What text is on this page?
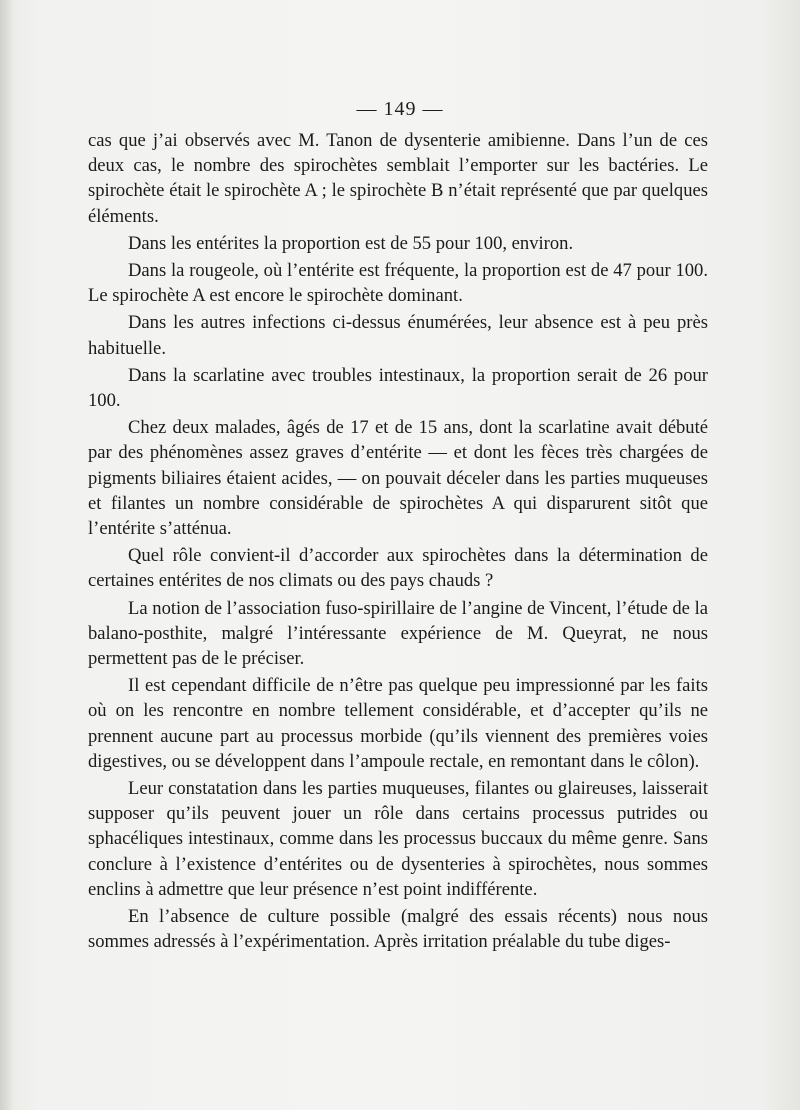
— 149 —

cas que j’ai observés avec M. Tanon de dysenterie amibienne. Dans l’un de ces deux cas, le nombre des spirochètes semblait l’emporter sur les bactéries. Le spirochète était le spirochète A ; le spirochète B n’était représenté que par quelques éléments.

Dans les entérites la proportion est de 55 pour 100, environ.

Dans la rougeole, où l’entérite est fréquente, la proportion est de 47 pour 100. Le spirochète A est encore le spirochète dominant.

Dans les autres infections ci-dessus énumérées, leur absence est à peu près habituelle.

Dans la scarlatine avec troubles intestinaux, la proportion serait de 26 pour 100.

Chez deux malades, âgés de 17 et de 15 ans, dont la scarlatine avait débuté par des phénomènes assez graves d’entérite — et dont les fèces très chargées de pigments biliaires étaient acides, — on pouvait déceler dans les parties muqueuses et filantes un nombre considérable de spirochètes A qui disparurent sitôt que l’entérite s’atténua.

Quel rôle convient-il d’accorder aux spirochètes dans la détermination de certaines entérites de nos climats ou des pays chauds ?

La notion de l’association fuso-spirillaire de l’angine de Vincent, l’étude de la balano-posthite, malgré l’intéressante expérience de M. Queyrat, ne nous permettent pas de le préciser.

Il est cependant difficile de n’être pas quelque peu impressionné par les faits où on les rencontre en nombre tellement considérable, et d’accepter qu’ils ne prennent aucune part au processus morbide (qu’ils viennent des premières voies digestives, ou se développent dans l’ampoule rectale, en remontant dans le côlon).

Leur constatation dans les parties muqueuses, filantes ou glaireuses, laisserait supposer qu’ils peuvent jouer un rôle dans certains processus putrides ou sphacéliques intestinaux, comme dans les processus buccaux du même genre. Sans conclure à l’existence d’entérites ou de dysenteries à spirochètes, nous sommes enclins à admettre que leur présence n’est point indifférente.

En l’absence de culture possible (malgré des essais récents) nous nous sommes adressés à l’expérimentation. Après irritation préalable du tube diges-
